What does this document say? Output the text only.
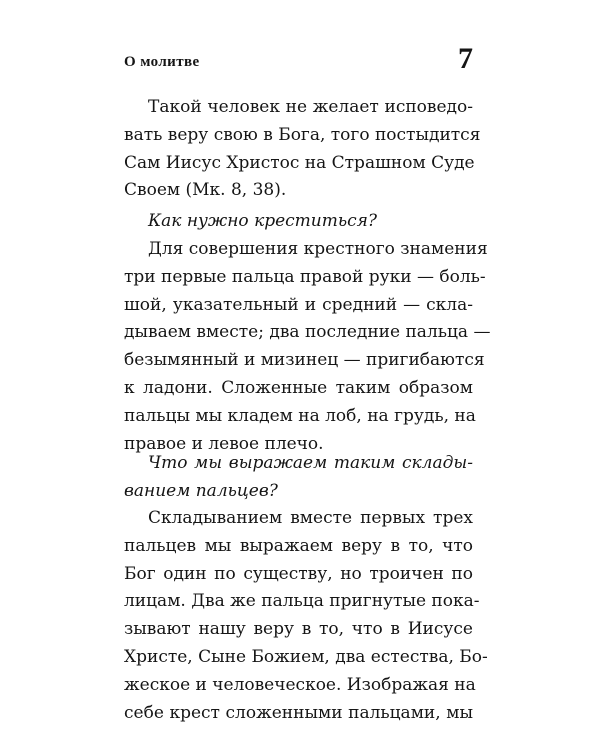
О молитве	7
Такой человек не желает исповедо-
вать веру свою в Бога, того постыдится
Сам Иисус Христос на Страшном Суде
Своем (Мк. 8, 38).
Как нужно креститься?
Для совершения крестного знамения
три первые пальца правой руки — боль-
шой, указательный и средний — скла-
дываем вместе; два последние пальца —
безымянный и мизинец — пригибаются
к ладони. Сложенные таким образом
пальцы мы кладем на лоб, на грудь, на
правое и левое плечо.
Что мы выражаем таким склады-
ванием пальцев?
Складыванием вместе первых трех
пальцев мы выражаем веру в то, что
Бог один по существу, но троичен по
лицам. Два же пальца пригнутые пока-
зывают нашу веру в то, что в Иисусе
Христе, Сыне Божием, два естества, Бо-
жеское и человеческое. Изображая на
себе крест сложенными пальцами, мы
